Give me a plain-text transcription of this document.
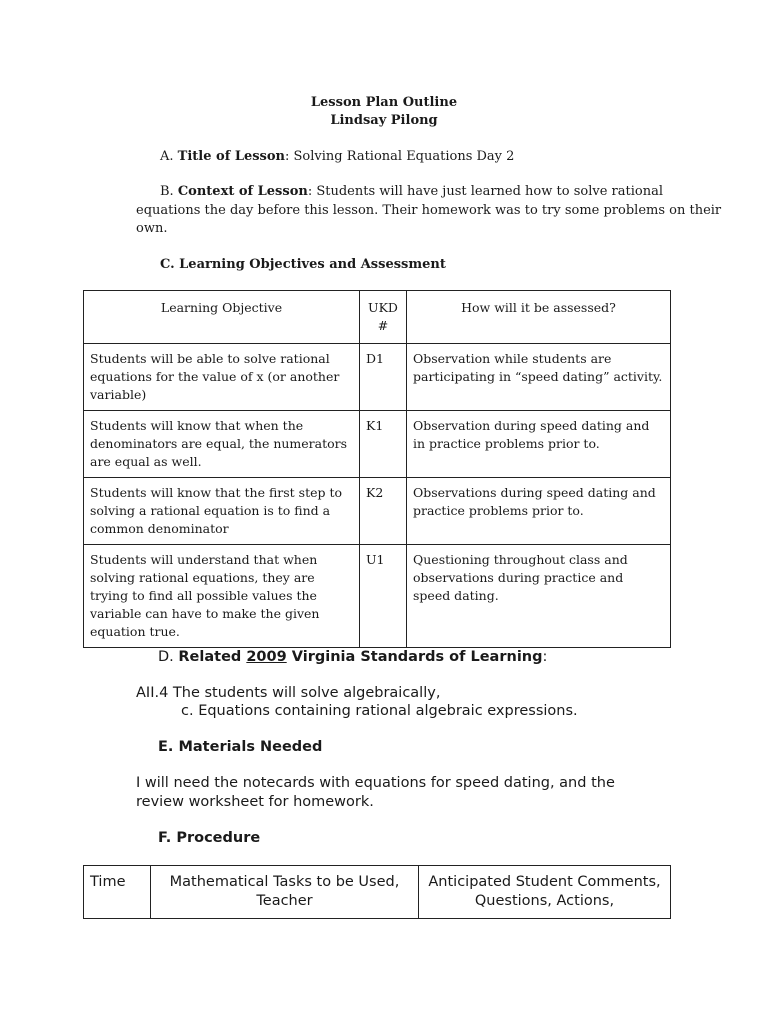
Lesson Plan Outline
Lindsay Pilong
A. Title of Lesson: Solving Rational Equations Day 2
B. Context of Lesson: Students will have just learned how to solve rational
equations the day before this lesson. Their homework was to try some problems on their
own.
C. Learning Objectives and Assessment
Learning Objective	UKD #	How will it be assessed?
Students will be able to solve rational equations for the value of x (or another variable)	D1	Observation while students are participating in “speed dating” activity.
Students will know that when the denominators are equal, the numerators are equal as well.	K1	Observation during speed dating and in practice problems prior to.
Students will know that the first step to solving a rational equation is to find a common denominator	K2	Observations during speed dating and practice problems prior to.
Students will understand that when solving rational equations, they are trying to find all possible values the variable can have to make the given equation true.	U1	Questioning throughout class and observations during practice and speed dating.
D. Related 2009 Virginia Standards of Learning:
AII.4 The students will solve algebraically,
c. Equations containing rational algebraic expressions.
E. Materials Needed
I will need the notecards with equations for speed dating, and the
review worksheet for homework.
F. Procedure
Time	Mathematical Tasks to be Used, Teacher	Anticipated Student Comments, Questions, Actions,
